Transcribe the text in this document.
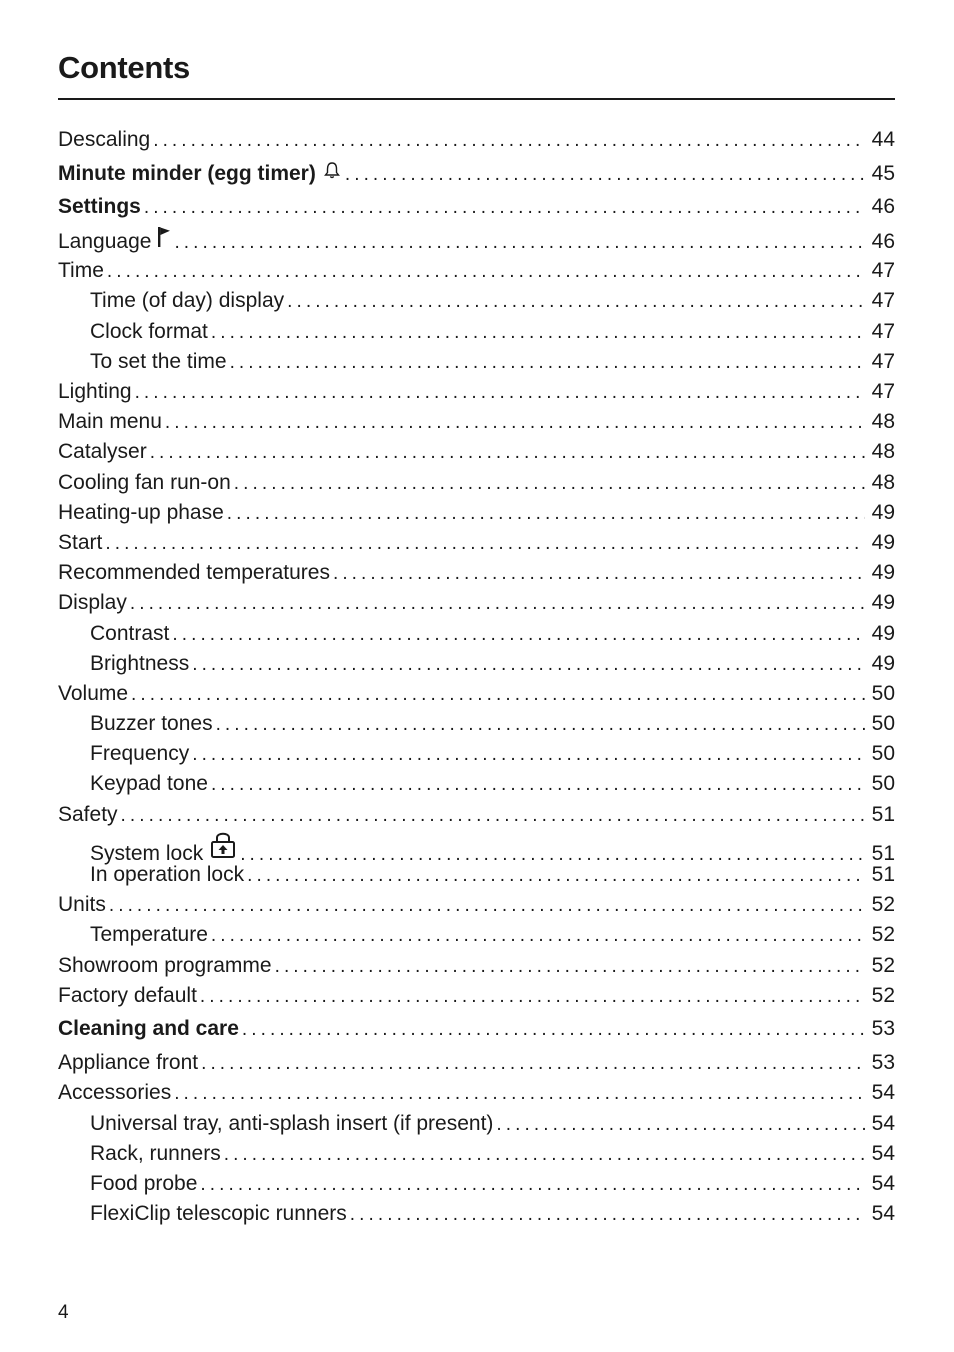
Contents
Descaling . . .	44
Minute minder (egg timer) . . .	45
Settings . . .	46
Language . . .	46
Time . . .	47
Time (of day) display . . .	47
Clock format . . .	47
To set the time . . .	47
Lighting . . .	47
Main menu . . .	48
Catalyser . . .	48
Cooling fan run-on . . .	48
Heating-up phase . . .	49
Start . . .	49
Recommended temperatures . . .	49
Display . . .	49
Contrast . . .	49
Brightness . . .	49
Volume . . .	50
Buzzer tones . . .	50
Frequency . . .	50
Keypad tone . . .	50
Safety . . .	51
System lock . . .	51
In operation lock . . .	51
Units . . .	52
Temperature . . .	52
Showroom programme . . .	52
Factory default . . .	52
Cleaning and care . . .	53
Appliance front . . .	53
Accessories . . .	54
Universal tray, anti-splash insert (if present) . . .	54
Rack, runners . . .	54
Food probe . . .	54
FlexiClip telescopic runners . . .	54
4
